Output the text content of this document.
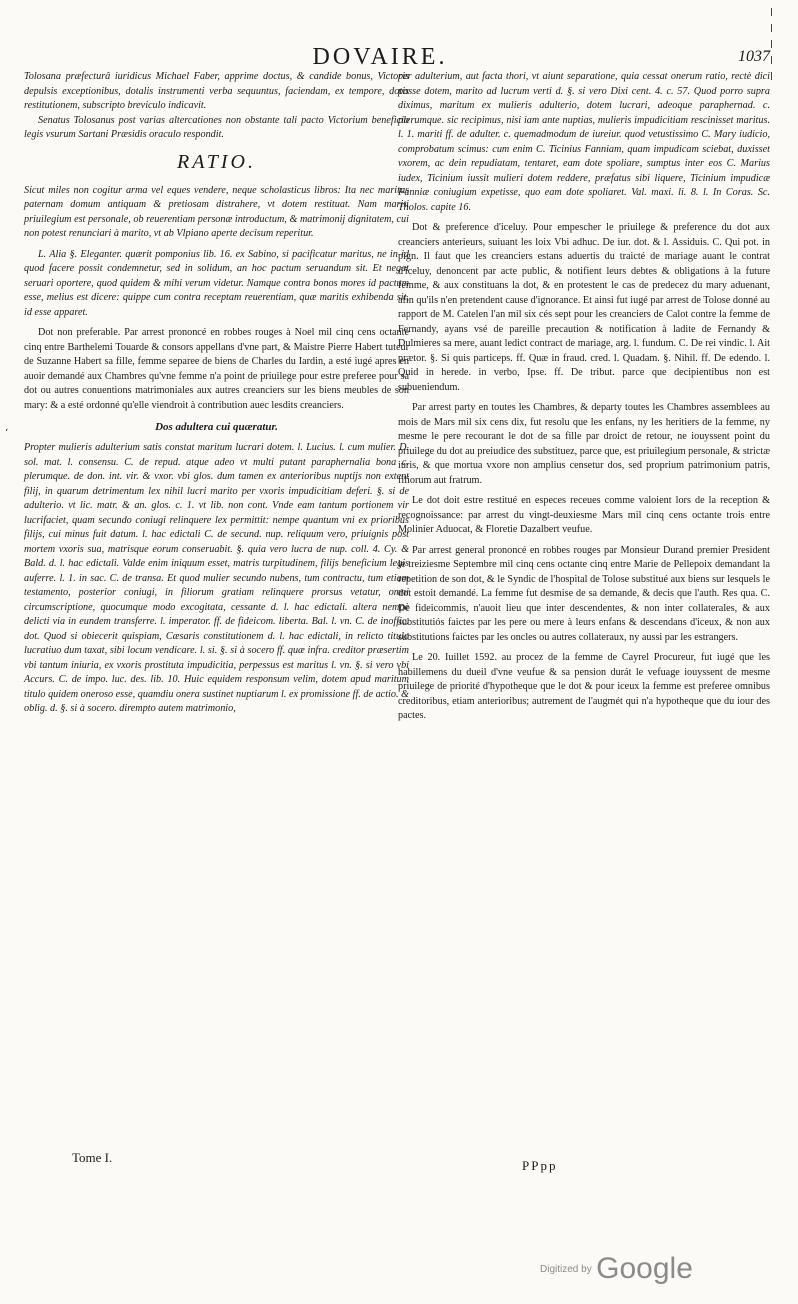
ʻ
DOVAIRE.	1037

Tolosana præfecturâ iuridicus Michael Faber, apprime doctus, & candide bonus, Victoris depulsis exceptionibus, dotalis instrumenti verba sequuntus, faciendam, ex tempore, dotis restitutionem, subscripto breviculo indicavit.

Senatus Tolosanus post varias altercationes non obstante tali pacto Victorium beneficio legis vsurum Sartani Præsidis oraculo respondit.

RATIO.

Sicut miles non cogitur arma vel eques vendere, neque scholasticus libros: Ita nec maritus paternam domum antiquam & pretiosam distrahere, vt dotem restituat. Nam mariti priuilegium est personale, ob reuerentiam personæ introductum, & matrimonij dignitatem, cui non potest renunciari à marito, vt ab Vlpiano aperte decisum reperitur.

L. Alia §. Eleganter. quærit pomponius lib. 16. ex Sabino, si pacificatur maritus, ne in id quod facere possit condemnetur, sed in solidum, an hoc pactum seruandum sit. Et negat seruari oportere, quod quidem & mihi verum videtur. Namque contra bonos mores id pactum esse, melius est dicere: quippe cum contra receptam reuerentiam, quæ maritis exhibenda sit, id esse apparet.

Dot non preferable. Par arrest prononcé en robbes rouges à Noel mil cinq cens octante cinq entre Barthelemi Touarde & consors appellans d'vne part, & Maistre Pierre Habert tuteur de Suzanne Habert sa fille, femme separee de biens de Charles du Iardin, a esté iugé apres en auoir demandé aux Chambres qu'vne femme n'a point de priuilege pour estre preferee pour sa dot ou autres conuentions matrimoniales aux autres creanciers sur les biens meubles de son mary: & a esté ordonné qu'elle viendroit à contribution auec lesdits creanciers.

Dos adultera cui quæratur.

Propter mulieris adulterium satis constat maritum lucrari dotem. l. Lucius. l. cum mulier. D. sol. mat. l. consensu. C. de repud. atque adeo vt multi putant paraphernalia bona c. plerumque. de don. int. vir. & vxor. vbi glos. dum tamen ex anterioribus nuptijs non extent filij, in quarum detrimentum lex nihil lucri marito per vxoris impudicitiam deferi. §. si de adulterio. vt lic. matr. & an. glos. c. 1. vt lib. non cont. Vnde eam tantum portionem vir lucrifaciet, quam secundo coniugi relinquere lex permittit: nempe quantum vni ex prioribus filijs, cui minus fuit datum. l. hac edictali C. de secund. nup. reliquum vero, priuignis post mortem vxoris sua, matrisque eorum conseruabit. §. quia vero lucra de nup. coll. 4. Cy. & Bald. d. l. hac edictali. Valde enim iniquum esset, matris turpitudinem, filijs beneficium legis auferre. l. 1. in sac. C. de transa. Et quod mulier secundo nubens, tum contractu, tum etiam testamento, posterior coniugi, in filiorum gratiam relinquere prorsus vetatur, omni circumscriptione, quocumque modo excogitata, cessante d. l. hac edictali. altera nempè delicti via in eundem transferre. l. imperator. ff. de fideicom. liberta. Bal. l. vn. C. de inoffic. dot. Quod si obiecerit quispiam, Cæsaris constitutionem d. l. hac edictali, in relicto titulo lucratiuo dum taxat, sibi locum vendicare. l. si. §. si à socero ff. quæ infra. creditor præsertim vbi tantum iniuria, ex vxoris prostituta impudicitia, perpessus est maritus l. vn. §. si vero vbi Accurs. C. de impo. luc. des. lib. 10. Huic equidem responsum velim, dotem apud maritum titulo quidem oneroso esse, quamdiu onera sustinet nuptiarum l. ex promissione ff. de actio. & oblig. d. §. si à socero. dirempto autem matrimonio,

per adulterium, aut facta thori, vt aiunt separatione, quia cessat onerum ratio, rectè dici posse dotem, marito ad lucrum verti d. §. si vero Dixi cent. 4. c. 57. Quod porro supra diximus, maritum ex mulieris adulterio, dotem lucrari, adeoque paraphernad. c. plerumque. sic recipimus, nisi iam ante nuptias, mulieris impudicitiam rescinisset maritus. l. 1. mariti ff. de adulter. c. quemadmodum de iureiur. quod vetustissimo C. Mary iudicio, comprobatum scimus: cum enim C. Ticinius Fanniam, quam impudicam sciebat, duxisset vxorem, ac dein repudiatam, tentaret, eam dote spoliare, sumptus inter eos C. Marius iudex, Ticinium iussit mulieri dotem reddere, præfatus sibi liquere, Ticinium impudicæ Fanniæ coniugium expetisse, quo eam dote spoliaret. Val. maxi. li. 8. l. In Coras. Sc. Tholos. capite 16.

Dot & preference d'iceluy. Pour empescher le priuilege & preference du dot aux creanciers anterieurs, suiuant les loix Vbi adhuc. De iur. dot. & l. Assiduis. C. Qui pot. in pign. Il faut que les creanciers estans aduertis du traicté de mariage auant le contrat d'iceluy, denoncent par acte public, & notifient leurs debtes & obligations à la future femme, & aux constituans la dot, & en protestent le cas de predecez du mary aduenant, afin qu'ils n'en pretendent cause d'ignorance. Et ainsi fut iugé par arrest de Tolose donné au rapport de M. Catelen l'an mil six cés sept pour les creanciers de Calot contre la femme de Fernandy, ayans vsé de pareille precaution & notification à ladite de Fernandy & Dulmieres sa mere, auant ledict contract de mariage, arg. l. fundum. C. De rei vindic. l. Ait prætor. §. Si quis particeps. ff. Quæ in fraud. cred. l. Quadam. §. Nihil. ff. De edendo. l. Quid in herede. in verbo, Ipse. ff. De tribut. parce que decipientibus non est subueniendum.

Par arrest party en toutes les Chambres, & departy toutes les Chambres assemblees au mois de Mars mil six cens dix, fut resolu que les enfans, ny les heritiers de la femme, ny mesme le pere recourant le dot de sa fille par droict de retour, ne iouyssent point du priuilege du dot au preiudice des substituez, parce que, est priuilegium personale, & strictæ iuris, & que mortua vxore non amplius censetur dos, sed proprium patrimonium patris, filiorum aut fratrum.

Le dot doit estre restitué en especes receues comme valoient lors de la reception & recognoissance: par arrest du vingt-deuxiesme Mars mil cinq cens octante trois entre Molinier Aduocat, & Floretie Dazalbert veufue.

Par arrest general prononcé en robbes rouges par Monsieur Durand premier President le treiziesme Septembre mil cinq cens octante cinq entre Marie de Pellepoix demandant la repetition de son dot, & le Syndic de l'hospital de Tolose substitué aux biens sur lesquels le dot estoit demandé. La femme fut desmise de sa demande, & decis que l'auth. Res qua. C. De fideicommis, n'auoit lieu que inter descendentes, & non inter collaterales, & aux substitutiós faictes par les pere ou mere à leurs enfans & descendans d'iceux, & non aux substitutions faictes par les oncles ou autres collateraux, ny aussi par les estrangers.

Le 20. Iuillet 1592. au procez de la femme de Cayrel Procureur, fut iugé que les habillemens du dueil d'vne veufue & sa pension durát le vefuage iouyssent de mesme priuilege de priorité d'hypotheque que le dot & pour iceux la femme est preferee omnibus creditoribus, etiam anterioribus; autrement de l'augmét qui n'a hypotheque que du iour des pactes.

Tome I.
PPpp
$^{Digitized by}$ Google
